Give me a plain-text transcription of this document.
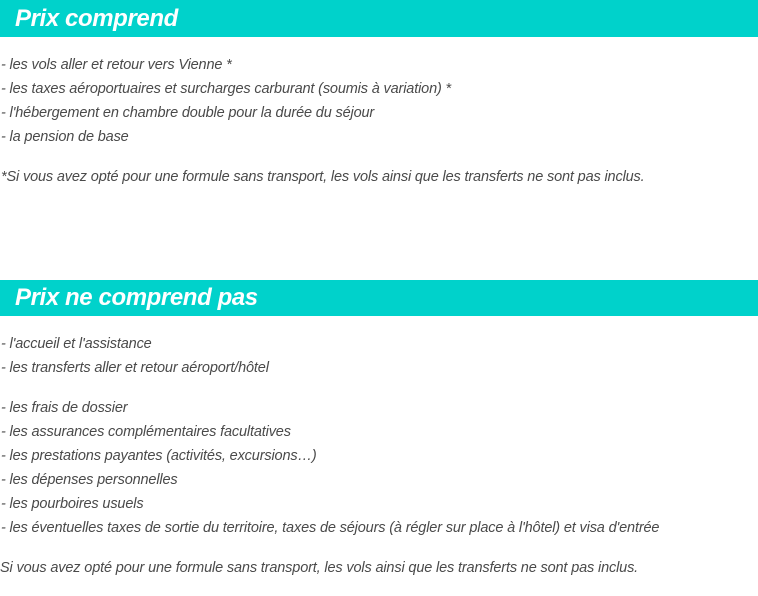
Prix comprend
- les vols aller et retour vers Vienne *
- les taxes aéroportuaires et surcharges carburant (soumis à variation) *
- l'hébergement en chambre double pour la durée du séjour
- la pension de base
*Si vous avez opté pour une formule sans transport, les vols ainsi que les transferts ne sont pas inclus.
Prix ne comprend pas
- l'accueil et l'assistance
- les transferts aller et retour aéroport/hôtel
- les frais de dossier
- les assurances complémentaires facultatives
- les prestations payantes (activités, excursions…)
- les dépenses personnelles
- les pourboires usuels
- les éventuelles taxes de sortie du territoire, taxes de séjours (à régler sur place à l'hôtel) et visa d'entrée
Si vous avez opté pour une formule sans transport, les vols ainsi que les transferts ne sont pas inclus.
